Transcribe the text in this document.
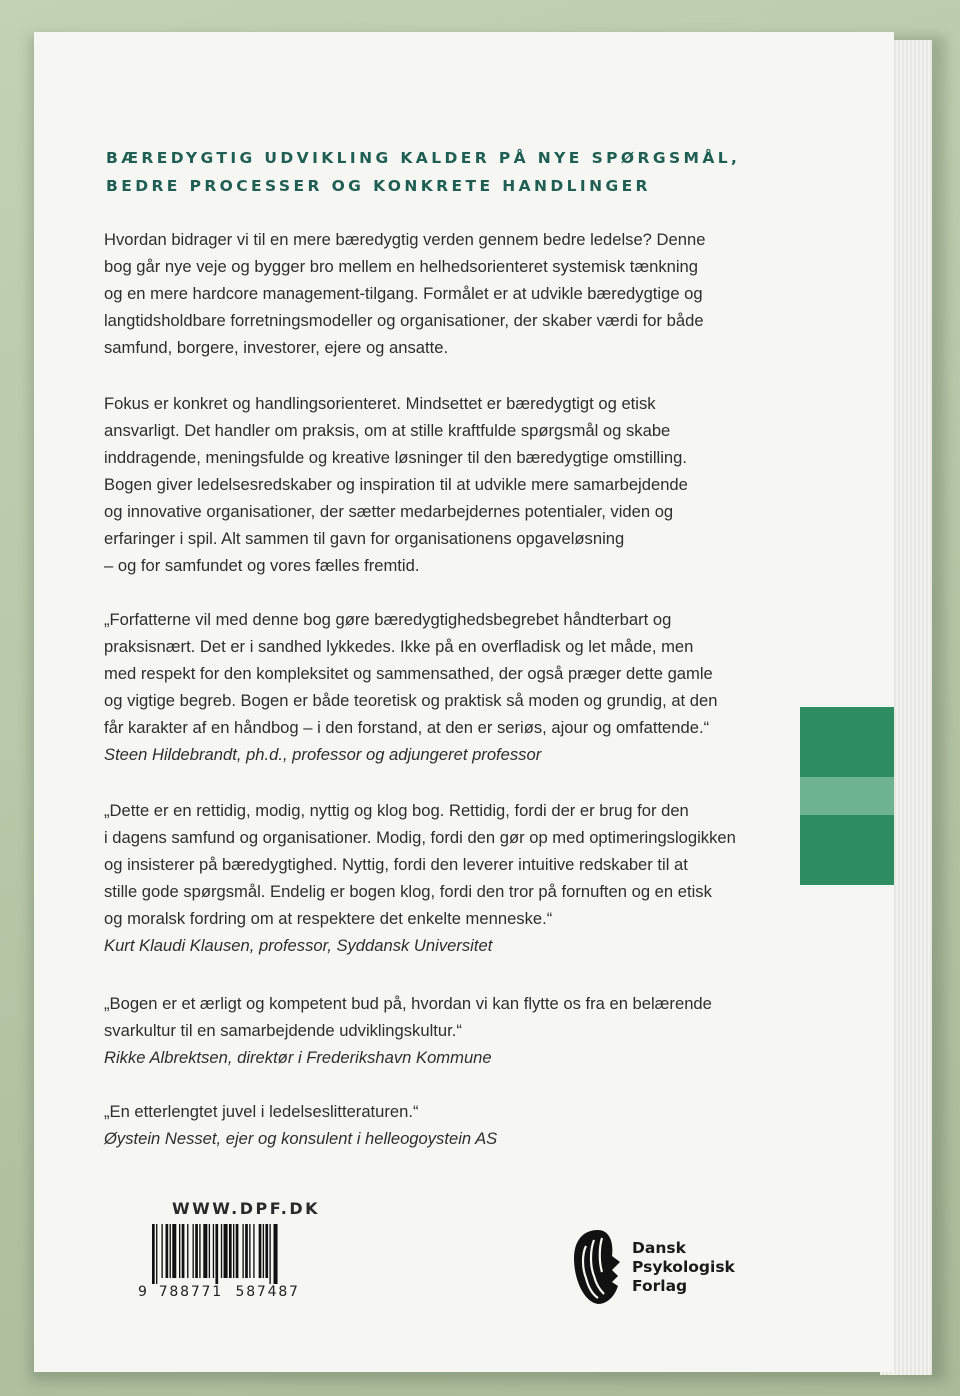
BÆREDYGTIG UDVIKLING KALDER PÅ NYE SPØRGSMÅL,
BEDRE PROCESSER OG KONKRETE HANDLINGER

Hvordan bidrager vi til en mere bæredygtig verden gennem bedre ledelse? Denne
bog går nye veje og bygger bro mellem en helhedsorienteret systemisk tænkning
og en mere hardcore management-tilgang. Formålet er at udvikle bæredygtige og
langtidsholdbare forretningsmodeller og organisationer, der skaber værdi for både
samfund, borgere, investorer, ejere og ansatte.

Fokus er konkret og handlingsorienteret. Mindsettet er bæredygtigt og etisk
ansvarligt. Det handler om praksis, om at stille kraftfulde spørgsmål og skabe
inddragende, meningsfulde og kreative løsninger til den bæredygtige omstilling.
Bogen giver ledelsesredskaber og inspiration til at udvikle mere samarbejdende
og innovative organisationer, der sætter medarbejdernes potentialer, viden og
erfaringer i spil. Alt sammen til gavn for organisationens opgaveløsning
– og for samfundet og vores fælles fremtid.

„Forfatterne vil med denne bog gøre bæredygtighedsbegrebet håndterbart og
praksisnært. Det er i sandhed lykkedes. Ikke på en overfladisk og let måde, men
med respekt for den kompleksitet og sammensathed, der også præger dette gamle
og vigtige begreb. Bogen er både teoretisk og praktisk så moden og grundig, at den
får karakter af en håndbog – i den forstand, at den er seriøs, ajour og omfattende.“

Steen Hildebrandt, ph.d., professor og adjungeret professor

„Dette er en rettidig, modig, nyttig og klog bog. Rettidig, fordi der er brug for den
i dagens samfund og organisationer. Modig, fordi den gør op med optimeringslogikken
og insisterer på bæredygtighed. Nyttig, fordi den leverer intuitive redskaber til at
stille gode spørgsmål. Endelig er bogen klog, fordi den tror på fornuften og en etisk
og moralsk fordring om at respektere det enkelte menneske.“

Kurt Klaudi Klausen, professor, Syddansk Universitet

„Bogen er et ærligt og kompetent bud på, hvordan vi kan flytte os fra en belærende
svarkultur til en samarbejdende udviklingskultur.“

Rikke Albrektsen, direktør i Frederikshavn Kommune

„En etterlengtet juvel i ledelseslitteraturen.“

Øystein Nesset, ejer og konsulent i helleogoystein AS

WWW.DPF.DK
9 788771 587487
Dansk
Psykologisk
Forlag
